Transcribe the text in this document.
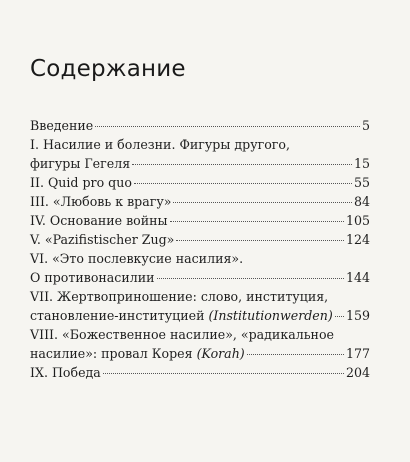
Содержание
Введение	5
I. Насилие и болезни. Фигуры другого,
фигуры Гегеля	15
II. Quid pro quo	55
III. «Любовь к врагу»	84
IV. Основание войны	105
V. «Pazifistischer Zug»	124
VI. «Это послевкусие насилия».
О противонасилии	144
VII. Жертвоприношение: слово, институция,
становление-институцией (Institutionwerden) 159
VIII. «Божественное насилие», «радикальное
насилие»: провал Корея (Korah)	177
IX. Победа	204
